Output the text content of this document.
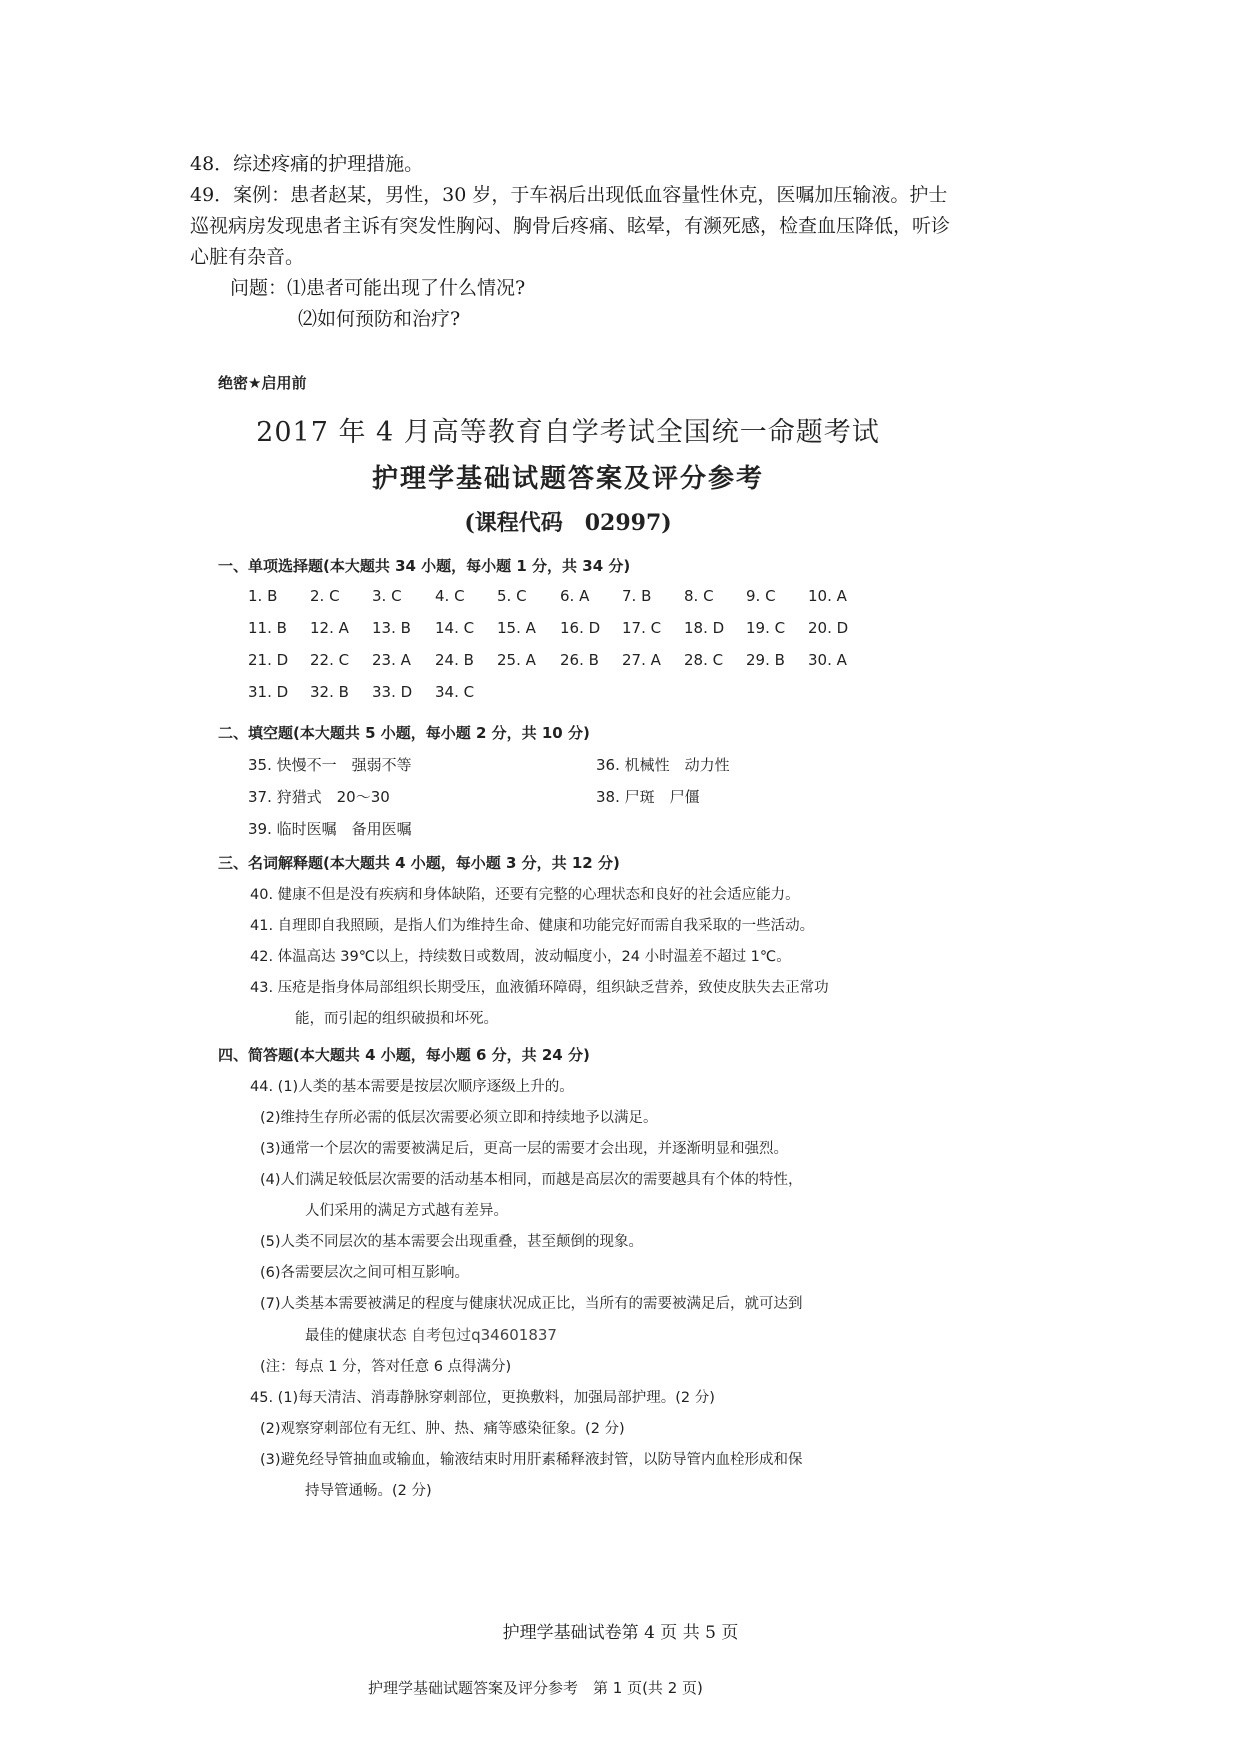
48．综述疼痛的护理措施。

49．案例：患者赵某，男性，30 岁，于车祸后出现低血容量性休克，医嘱加压输液。护士

巡视病房发现患者主诉有突发性胸闷、胸骨后疼痛、眩晕，有濒死感，检查血压降低，听诊

心脏有杂音。

问题：⑴患者可能出现了什么情况?

⑵如何预防和治疗?

绝密★启用前
2017 年 4 月高等教育自学考试全国统一命题考试
护理学基础试题答案及评分参考
(课程代码　02997)
一、单项选择题(本大题共 34 小题，每小题 1 分，共 34 分)
1. B 2. C 3. C 4. C 5. C 6. A 7. B 8. C 9. C 10. A
11. B 12. A 13. B 14. C 15. A 16. D 17. C 18. D 19. C 20. D
21. D 22. C 23. A 24. B 25. A 26. B 27. A 28. C 29. B 30. A
31. D 32. B 33. D 34. C
二、填空题(本大题共 5 小题，每小题 2 分，共 10 分)
35. 快慢不一　强弱不等	36. 机械性　动力性
37. 狩猎式　20～30	38. 尸斑　尸僵
39. 临时医嘱　备用医嘱
三、名词解释题(本大题共 4 小题，每小题 3 分，共 12 分)

40. 健康不但是没有疾病和身体缺陷，还要有完整的心理状态和良好的社会适应能力。

41. 自理即自我照顾，是指人们为维持生命、健康和功能完好而需自我采取的一些活动。

42. 体温高达 39℃以上，持续数日或数周，波动幅度小，24 小时温差不超过 1℃。

43. 压疮是指身体局部组织长期受压，血液循环障碍，组织缺乏营养，致使皮肤失去正常功

能，而引起的组织破损和坏死。

四、简答题(本大题共 4 小题，每小题 6 分，共 24 分)

44. (1)人类的基本需要是按层次顺序逐级上升的。

(2)维持生存所必需的低层次需要必须立即和持续地予以满足。

(3)通常一个层次的需要被满足后，更高一层的需要才会出现，并逐渐明显和强烈。

(4)人们满足较低层次需要的活动基本相同，而越是高层次的需要越具有个体的特性，

人们采用的满足方式越有差异。

(5)人类不同层次的基本需要会出现重叠，甚至颠倒的现象。

(6)各需要层次之间可相互影响。

(7)人类基本需要被满足的程度与健康状况成正比，当所有的需要被满足后，就可达到

最佳的健康状态 自考包过q34601837

(注：每点 1 分，答对任意 6 点得满分)

45. (1)每天清洁、消毒静脉穿刺部位，更换敷料，加强局部护理。(2 分)

(2)观察穿刺部位有无红、肿、热、痛等感染征象。(2 分)

(3)避免经导管抽血或输血，输液结束时用肝素稀释液封管，以防导管内血栓形成和保

持导管通畅。(2 分)

护理学基础试题答案及评分参考　第 1 页(共 2 页)
护理学基础试卷第 4 页 共 5 页
